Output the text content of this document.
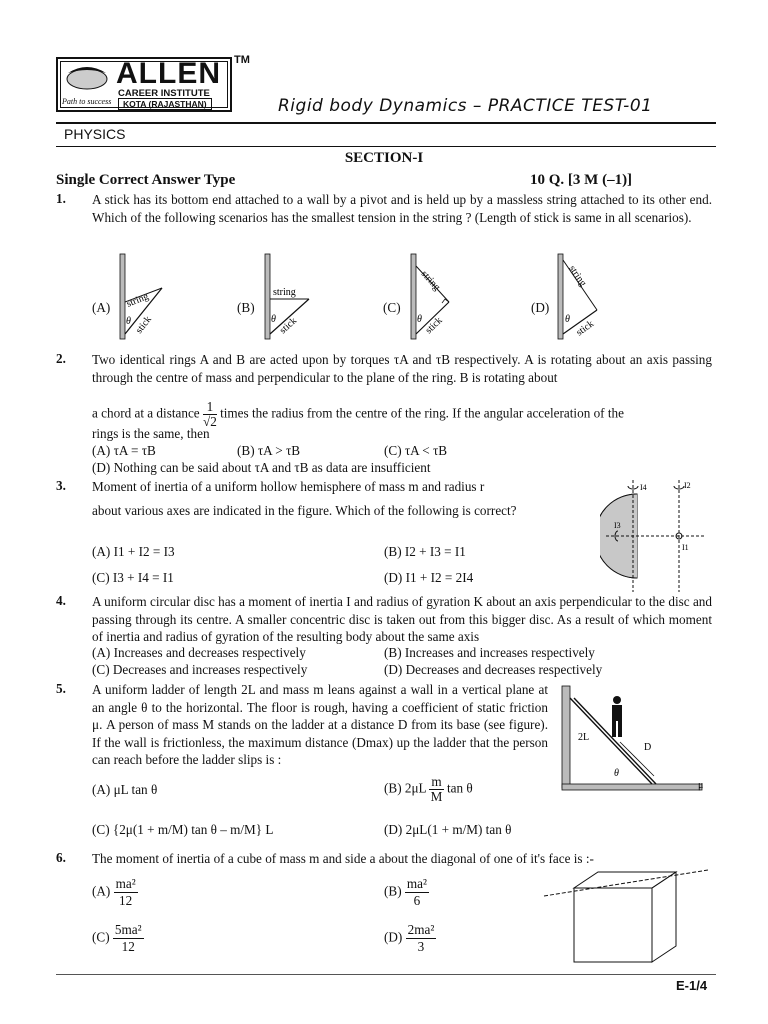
ALLEN
CAREER INSTITUTE
KOTA (RAJASTHAN)
Path to success
TM
Rigid body Dynamics – PRACTICE TEST-01
PHYSICS
SECTION-I
Single Correct Answer Type	10 Q. [3 M (–1)]
1. A stick has its bottom end attached to a wall by a pivot and is held up by a massless string attached to its other end. Which of the following scenarios has the smallest tension in the string ? (Length of stick is same in all scenarios).
(A)	(B)	(C)	(D)
string
stick
θ
string
stick
θ
string
stick
θ
string
stick
θ
2. Two identical rings A and B are acted upon by torques τA and τB respectively. A is rotating about an axis passing through the centre of mass and perpendicular to the plane of the ring. B is rotating about
a chord at a distance $\frac{1}{√2}$ times the radius from the centre of the ring. If the angular acceleration of the
rings is the same, then
(A) τA = τB	(B) τA > τB	(C) τA < τB
(D) Nothing can be said about τA and τB as data are insufficient
3. Moment of inertia of a uniform hollow hemisphere of mass m and radius r
about various axes are indicated in the figure. Which of the following is correct?
(A) I1 + I2 = I3	(B) I2 + I3 = I1
(C) I3 + I4 = I1	(D) I1 + I2 = 2I4
I4	I2
I3
I1
4. A uniform circular disc has a moment of inertia I and radius of gyration K about an axis perpendicular to the disc and passing through its centre. A smaller concentric disc is taken out from this bigger disc. As a result of which moment of inertia and radius of gyration of the resulting body about the same axis
(A) Increases and decreases respectively	(B) Increases and increases respectively
(C) Decreases and increases respectively	(D) Decreases and decreases respectively
5. A uniform ladder of length 2L and mass m leans against a wall in a vertical plane at an angle θ to the horizontal. The floor is rough, having a coefficient of static friction μ. A person of mass M stands on the ladder at a distance D from its base (see figure). If the wall is frictionless, the maximum distance (Dmax) up the ladder that the person can reach before the ladder slips is :
(A) μL tan θ	(B) $2\mu L \frac{m}{M}$ tan θ
(C) {2μ(1 + m/M) tan θ – m/M} L	(D) 2μL(1 + m/M) tan θ
2L
D
θ
μ
6. The moment of inertia of a cube of mass m and side a about the diagonal of one of it's face is :-
$(A) \frac{\text{ma²}}{12}$	$(B) \frac{\text{ma²}}{6}$
$(C) \frac{\text{5ma²}}{12}$	$(D) \frac{\text{2ma²}}{3}$
E-1/4
